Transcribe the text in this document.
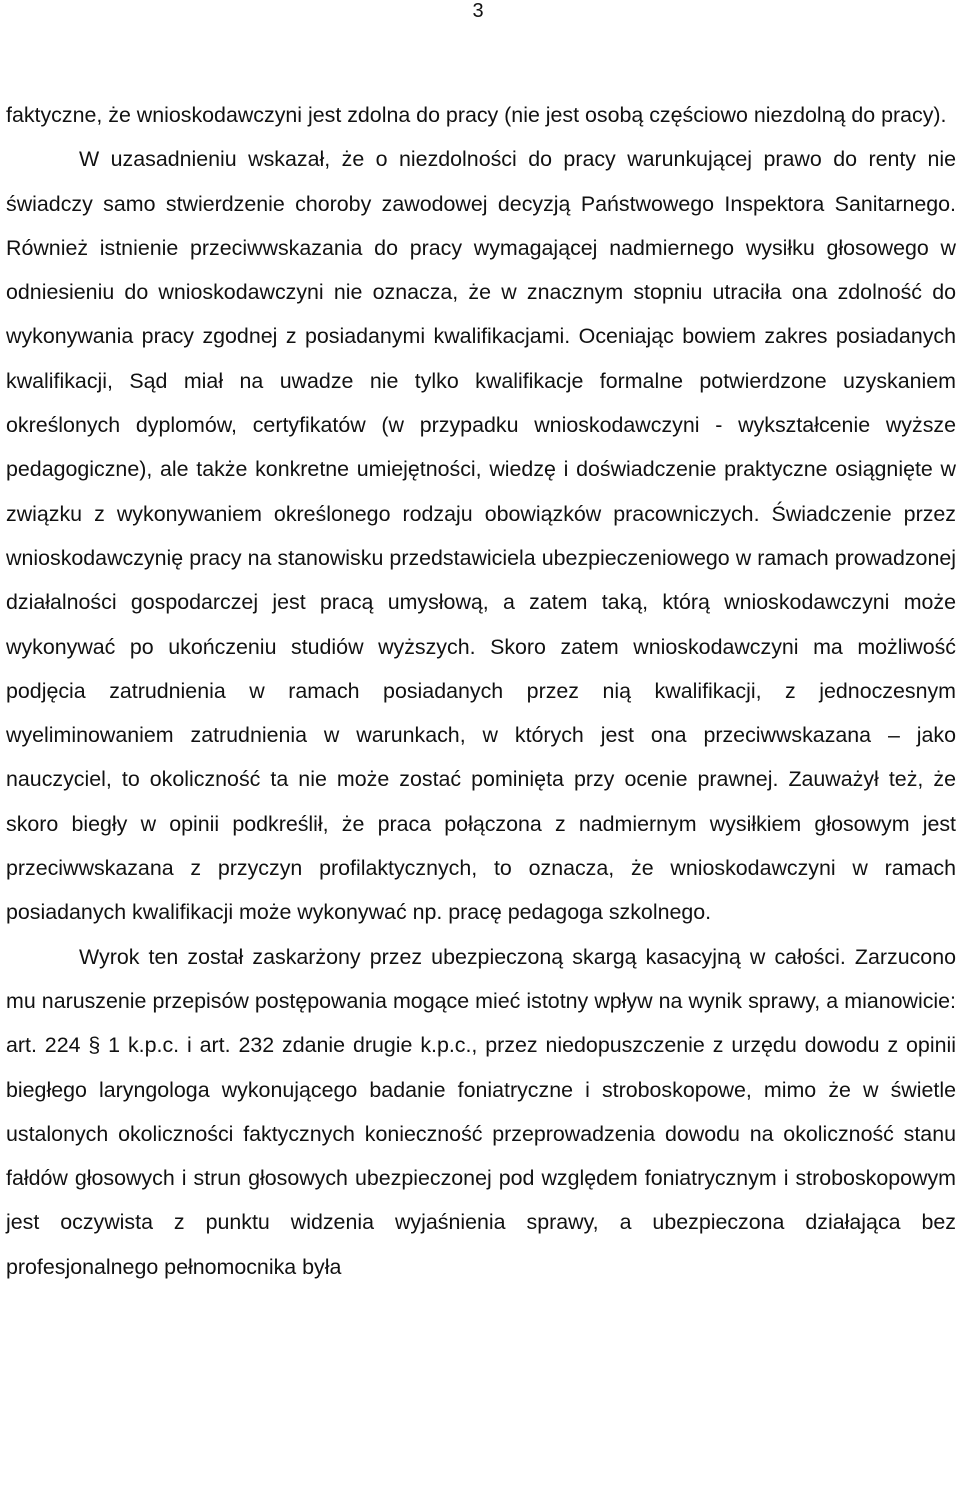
3

faktyczne, że wnioskodawczyni jest zdolna do pracy (nie jest osobą częściowo niezdolną do pracy).

W uzasadnieniu wskazał, że o niezdolności do pracy warunkującej prawo do renty nie świadczy samo stwierdzenie choroby zawodowej decyzją Państwowego Inspektora Sanitarnego. Również istnienie przeciwwskazania do pracy wymagającej nadmiernego wysiłku głosowego w odniesieniu do wnioskodawczyni nie oznacza, że w znacznym stopniu utraciła ona zdolność do wykonywania pracy zgodnej z posiadanymi kwalifikacjami. Oceniając bowiem zakres posiadanych kwalifikacji, Sąd miał na uwadze nie tylko kwalifikacje formalne potwierdzone uzyskaniem określonych dyplomów, certyfikatów (w przypadku wnioskodawczyni - wykształcenie wyższe pedagogiczne), ale także konkretne umiejętności, wiedzę i doświadczenie praktyczne osiągnięte w związku z wykonywaniem określonego rodzaju obowiązków pracowniczych. Świadczenie przez wnioskodawczynię pracy na stanowisku przedstawiciela ubezpieczeniowego w ramach prowadzonej działalności gospodarczej jest pracą umysłową, a zatem taką, którą wnioskodawczyni może wykonywać po ukończeniu studiów wyższych. Skoro zatem wnioskodawczyni ma możliwość podjęcia zatrudnienia w ramach posiadanych przez nią kwalifikacji, z jednoczesnym wyeliminowaniem zatrudnienia w warunkach, w których jest ona przeciwwskazana – jako nauczyciel, to okoliczność ta nie może zostać pominięta przy ocenie prawnej. Zauważył też, że skoro biegły w opinii podkreślił, że praca połączona z nadmiernym wysiłkiem głosowym jest przeciwwskazana z przyczyn profilaktycznych, to oznacza, że wnioskodawczyni w ramach posiadanych kwalifikacji może wykonywać np. pracę pedagoga szkolnego.

Wyrok ten został zaskarżony przez ubezpieczoną skargą kasacyjną w całości. Zarzucono mu naruszenie przepisów postępowania mogące mieć istotny wpływ na wynik sprawy, a mianowicie: art. 224 § 1 k.p.c. i art. 232 zdanie drugie k.p.c., przez niedopuszczenie z urzędu dowodu z opinii biegłego laryngologa wykonującego badanie foniatryczne i stroboskopowe, mimo że w świetle ustalonych okoliczności faktycznych konieczność przeprowadzenia dowodu na okoliczność stanu fałdów głosowych i strun głosowych ubezpieczonej pod względem foniatrycznym i stroboskopowym jest oczywista z punktu widzenia wyjaśnienia sprawy, a ubezpieczona działająca bez profesjonalnego pełnomocnika była
